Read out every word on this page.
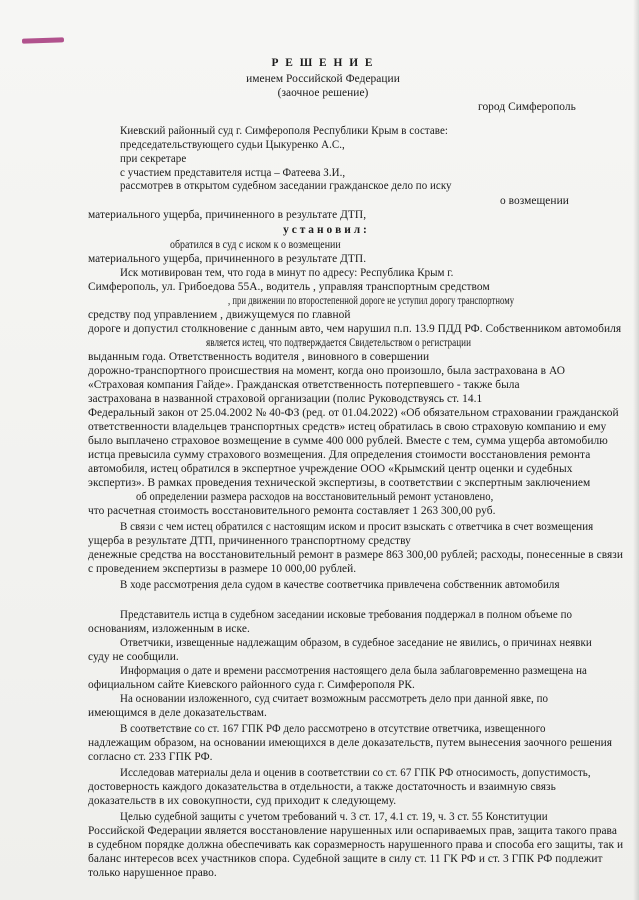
Р Е Ш Е Н И Е
именем Российской Федерации
(заочное решение)
город Симферополь
Киевский районный суд г. Симферополя Республики Крым в составе:
председательствующего судьи Цыкуренко А.С.,
при секретаре
с участием представителя истца – Фатеева З.И.,
рассмотрев в открытом судебном заседании гражданское дело по иску
о возмещении
материального ущерба, причиненного в результате ДТП,
у с т а н о в и л :
обратился в суд с иском к о возмещении
материального ущерба, причиненного в результате ДТП.
Иск мотивирован тем, что года в минут по адресу: Республика Крым г.
Симферополь, ул. Грибоедова 55А., водитель , управляя транспортным средством
, при движении по второстепенной дороге не уступил дорогу транспортному
средству под управлением , движущемуся по главной
дороге и допустил столкновение с данным авто, чем нарушил п.п. 13.9 ПДД РФ. Собственником автомобиля
является истец, что подтверждается Свидетельством о регистрации
выданным года. Ответственность водителя , виновного в совершении
дорожно-транспортного происшествия на момент, когда оно произошло, была застрахована в АО
«Страховая компания Гайде». Гражданская ответственность потерпевшего - также была
застрахована в названной страховой организации (полис Руководствуясь ст. 14.1
Федеральный закон от 25.04.2002 № 40-ФЗ (ред. от 01.04.2022) «Об обязательном страховании гражданской
ответственности владельцев транспортных средств» истец обратилась в свою страховую компанию и ему
было выплачено страховое возмещение в сумме 400 000 рублей. Вместе с тем, сумма ущерба автомобилю
истца превысила сумму страхового возмещения. Для определения стоимости восстановления ремонта
автомобиля, истец обратился в экспертное учреждение ООО «Крымский центр оценки и судебных
экспертиз». В рамках проведения технической экспертизы, в соответствии с экспертным заключением
об определении размера расходов на восстановительный ремонт установлено,
что расчетная стоимость восстановительного ремонта составляет 1 263 300,00 руб.
В связи с чем истец обратился с настоящим иском и просит взыскать с ответчика в счет возмещения
ущерба в результате ДТП, причиненного транспортному средству
денежные средства на восстановительный ремонт в размере 863 300,00 рублей; расходы, понесенные в связи
с проведением экспертизы в размере 10 000,00 рублей.
В ходе рассмотрения дела судом в качестве соответчика привлечена собственник автомобиля
Представитель истца в судебном заседании исковые требования поддержал в полном объеме по
основаниям, изложенным в иске.
Ответчики, извещенные надлежащим образом, в судебное заседание не явились, о причинах неявки
суду не сообщили.
Информация о дате и времени рассмотрения настоящего дела была заблаговременно размещена на
официальном сайте Киевского районного суда г. Симферополя РК.
На основании изложенного, суд считает возможным рассмотреть дело при данной явке, по
имеющимся в деле доказательствам.
В соответствие со ст. 167 ГПК РФ дело рассмотрено в отсутствие ответчика, извещенного
надлежащим образом, на основании имеющихся в деле доказательств, путем вынесения заочного решения
согласно ст. 233 ГПК РФ.
Исследовав материалы дела и оценив в соответствии со ст. 67 ГПК РФ относимость, допустимость,
достоверность каждого доказательства в отдельности, а также достаточность и взаимную связь
доказательств в их совокупности, суд приходит к следующему.
Целью судебной защиты с учетом требований ч. 3 ст. 17, 4.1 ст. 19, ч. 3 ст. 55 Конституции
Российской Федерации является восстановление нарушенных или оспариваемых прав, защита такого права
в судебном порядке должна обеспечивать как соразмерность нарушенного права и способа его защиты, так и
баланс интересов всех участников спора. Судебной защите в силу ст. 11 ГК РФ и ст. 3 ГПК РФ подлежит
только нарушенное право.
